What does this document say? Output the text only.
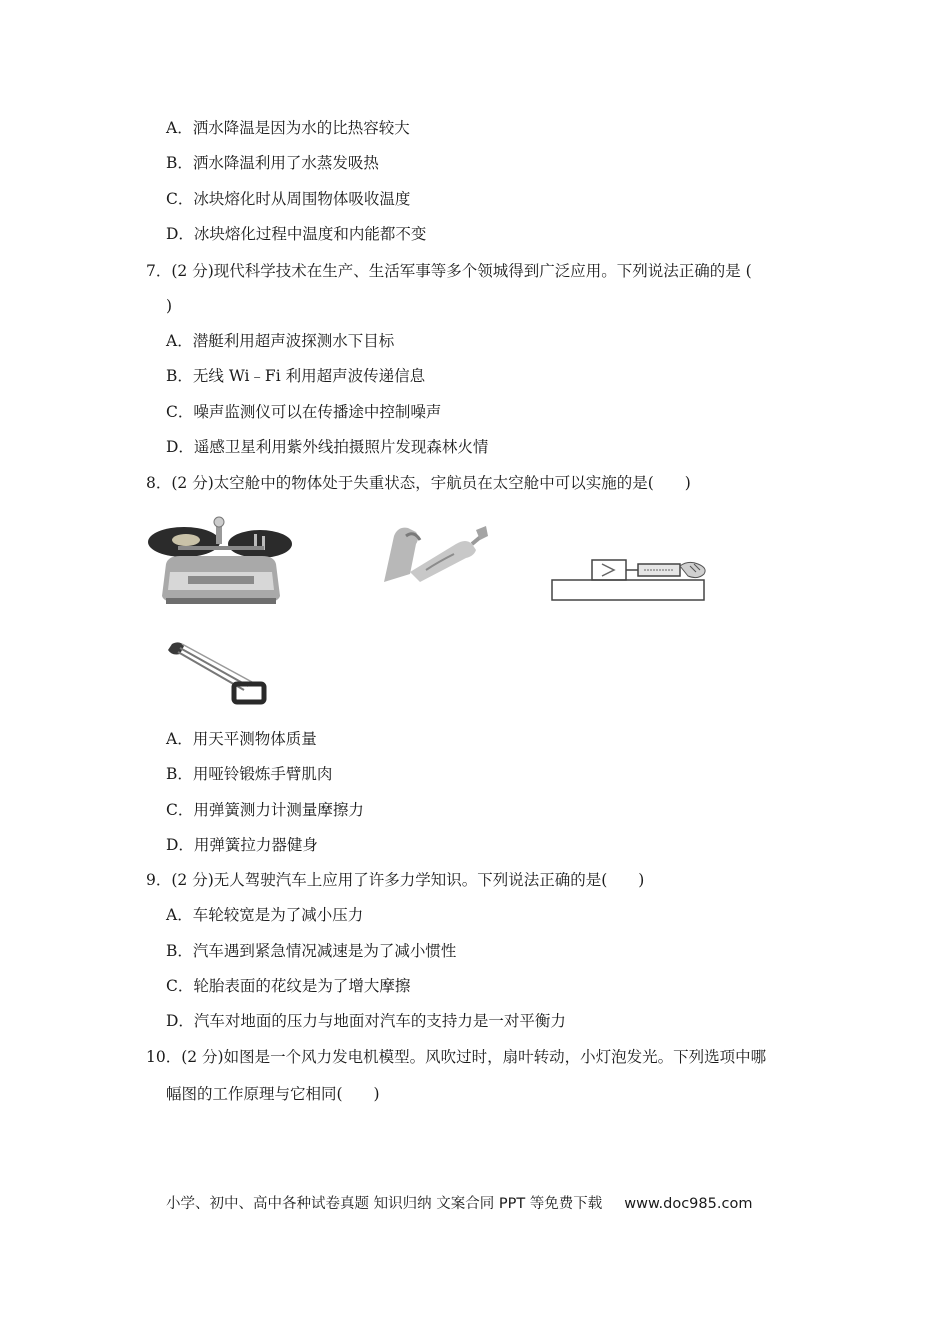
A．洒水降温是因为水的比热容较大
B．洒水降温利用了水蒸发吸热
C．冰块熔化时从周围物体吸收温度
D．冰块熔化过程中温度和内能都不变
7．(2 分)现代科学技术在生产、生活军事等多个领城得到广泛应用。下列说法正确的是 (
)
A．潜艇利用超声波探测水下目标
B．无线 Wi﹣Fi 利用超声波传递信息
C．噪声监测仪可以在传播途中控制噪声
D．遥感卫星利用紫外线拍摄照片发现森林火情
8．(2 分)太空舱中的物体处于失重状态，宇航员在太空舱中可以实施的是(　　)
A．用天平测物体质量
B．用哑铃锻炼手臂肌肉
C．用弹簧测力计测量摩擦力
D．用弹簧拉力器健身
9．(2 分)无人驾驶汽车上应用了许多力学知识。下列说法正确的是(　　)
A．车轮较宽是为了减小压力
B．汽车遇到紧急情况减速是为了减小惯性
C．轮胎表面的花纹是为了增大摩擦
D．汽车对地面的压力与地面对汽车的支持力是一对平衡力
10．(2 分)如图是一个风力发电机模型。风吹过时，扇叶转动，小灯泡发光。下列选项中哪
幅图的工作原理与它相同(　　)
小学、初中、高中各种试卷真题 知识归纳 文案合同 PPT 等免费下载 www.doc985.com
